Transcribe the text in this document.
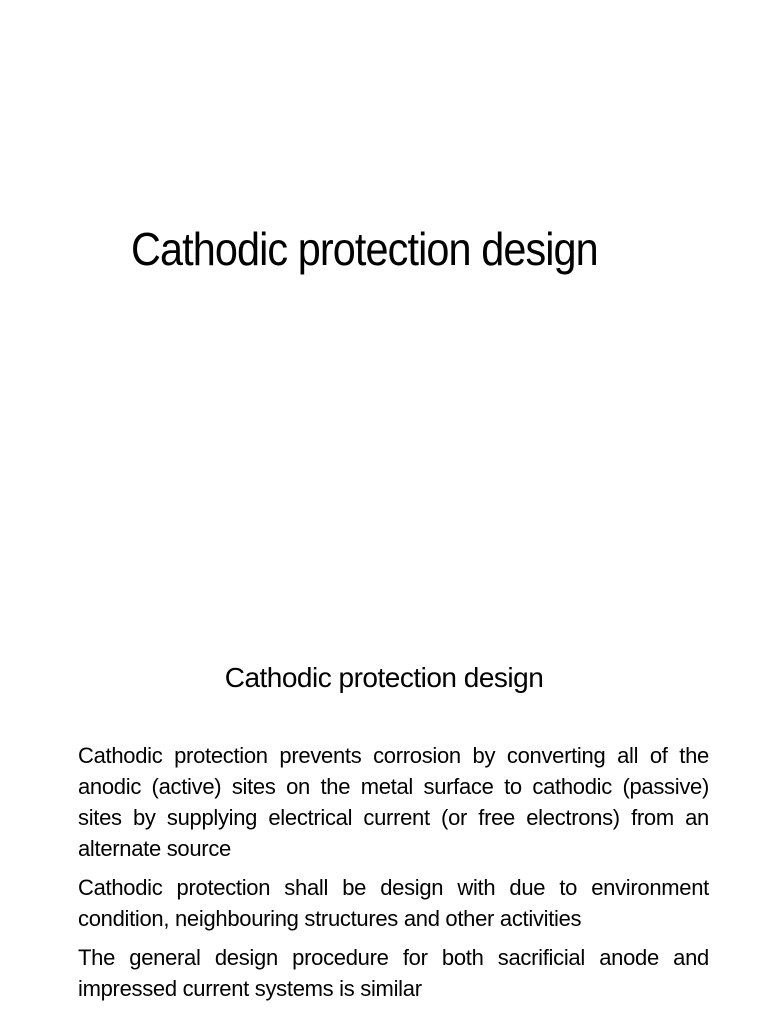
Cathodic protection design
Cathodic protection design

Cathodic protection prevents corrosion by converting all of the anodic (active) sites on the metal surface to cathodic (passive) sites by supplying electrical current (or free electrons) from an alternate source

Cathodic protection shall be design with due to environment condition, neighbouring structures and other activities

The general design procedure for both sacrificial anode and impressed current systems is similar
